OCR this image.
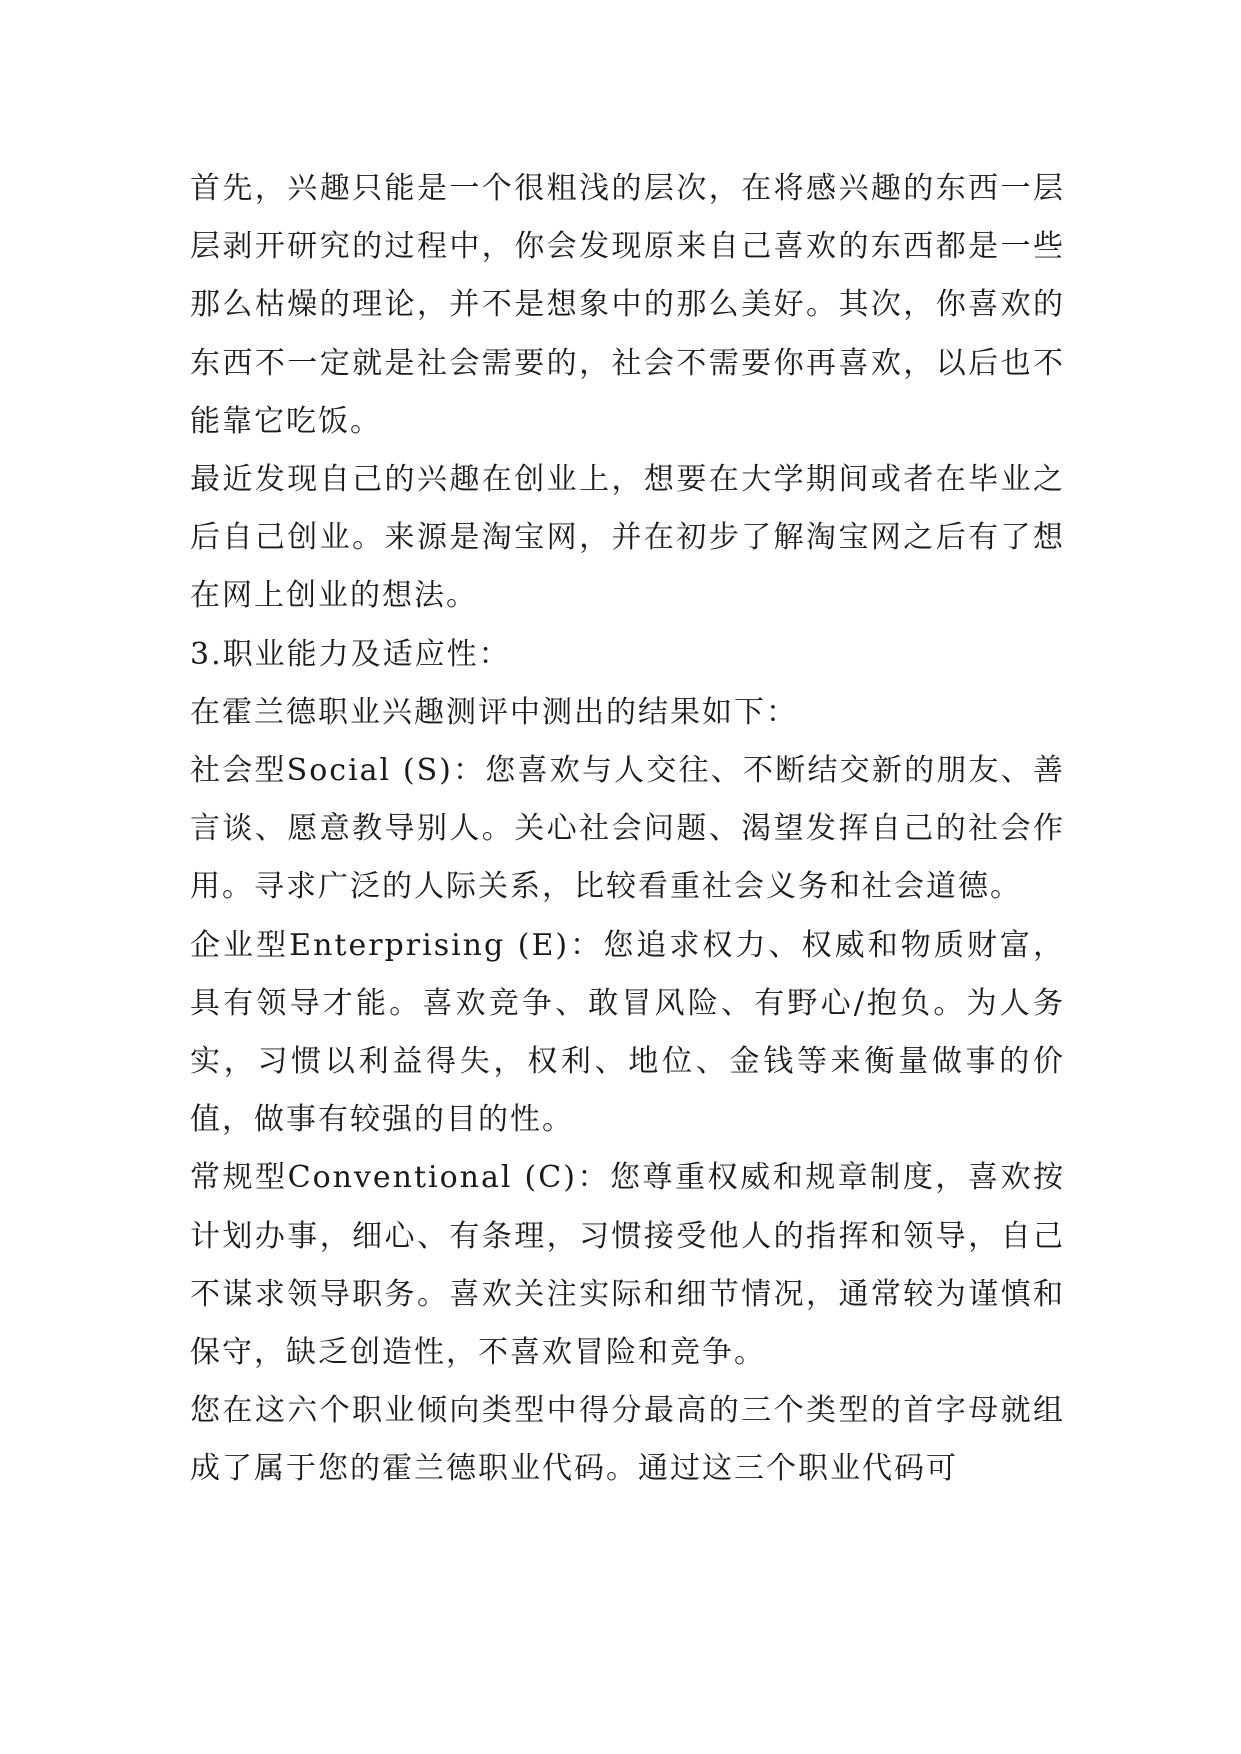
首先，兴趣只能是一个很粗浅的层次，在将感兴趣的东西一层层剥开研究的过程中，你会发现原来自己喜欢的东西都是一些那么枯燥的理论，并不是想象中的那么美好。其次，你喜欢的东西不一定就是社会需要的，社会不需要你再喜欢，以后也不能靠它吃饭。

最近发现自己的兴趣在创业上，想要在大学期间或者在毕业之后自己创业。来源是淘宝网，并在初步了解淘宝网之后有了想在网上创业的想法。

3.职业能力及适应性：

在霍兰德职业兴趣测评中测出的结果如下：

社会型Social (S)：您喜欢与人交往、不断结交新的朋友、善言谈、愿意教导别人。关心社会问题、渴望发挥自己的社会作用。寻求广泛的人际关系，比较看重社会义务和社会道德。

企业型Enterprising (E)：您追求权力、权威和物质财富，具有领导才能。喜欢竞争、敢冒风险、有野心/抱负。为人务实，习惯以利益得失，权利、地位、金钱等来衡量做事的价值，做事有较强的目的性。

常规型Conventional (C)：您尊重权威和规章制度，喜欢按计划办事，细心、有条理，习惯接受他人的指挥和领导，自己不谋求领导职务。喜欢关注实际和细节情况，通常较为谨慎和保守，缺乏创造性，不喜欢冒险和竞争。

您在这六个职业倾向类型中得分最高的三个类型的首字母就组成了属于您的霍兰德职业代码。通过这三个职业代码可
